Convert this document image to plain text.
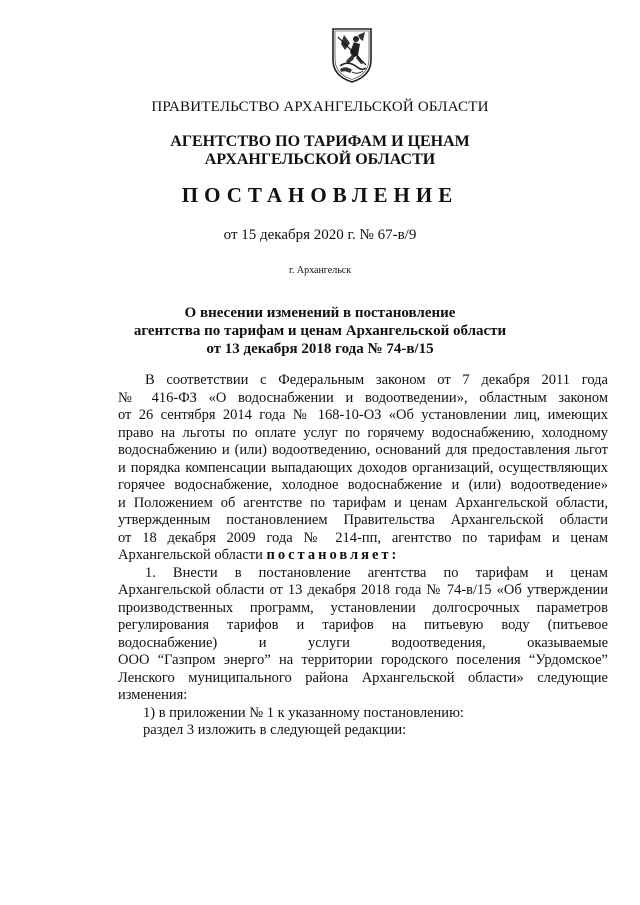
ПРАВИТЕЛЬСТВО АРХАНГЕЛЬСКОЙ ОБЛАСТИ
АГЕНТСТВО ПО ТАРИФАМ И ЦЕНАМ
АРХАНГЕЛЬСКОЙ ОБЛАСТИ
ПОСТАНОВЛЕНИЕ
от 15 декабря 2020 г. № 67-в/9
г. Архангельск
О внесении изменений в постановление
агентства по тарифам и ценам Архангельской области
от 13 декабря 2018 года № 74-в/15
В соответствии с Федеральным законом от 7 декабря 2011 года
№ 416-ФЗ «О водоснабжении и водоотведении», областным законом
от 26 сентября 2014 года № 168-10-ОЗ «Об установлении лиц, имеющих
право на льготы по оплате услуг по горячему водоснабжению, холодному
водоснабжению и (или) водоотведению, оснований для предоставления льгот
и порядка компенсации выпадающих доходов организаций, осуществляющих
горячее водоснабжение, холодное водоснабжение и (или) водоотведение»
и Положением об агентстве по тарифам и ценам Архангельской области,
утвержденным постановлением Правительства Архангельской области
от 18 декабря 2009 года № 214-пп, агентство по тарифам и ценам
Архангельской области постановляет:
1. Внести в постановление агентства по тарифам и ценам
Архангельской области от 13 декабря 2018 года № 74-в/15 «Об утверждении
производственных программ, установлении долгосрочных параметров
регулирования тарифов и тарифов на питьевую воду (питьевое
водоснабжение) и услуги водоотведения, оказываемые
ООО “Газпром энерго” на территории городского поселения “Урдомское”
Ленского муниципального района Архангельской области» следующие
изменения:
1) в приложении № 1 к указанному постановлению:
раздел 3 изложить в следующей редакции:
